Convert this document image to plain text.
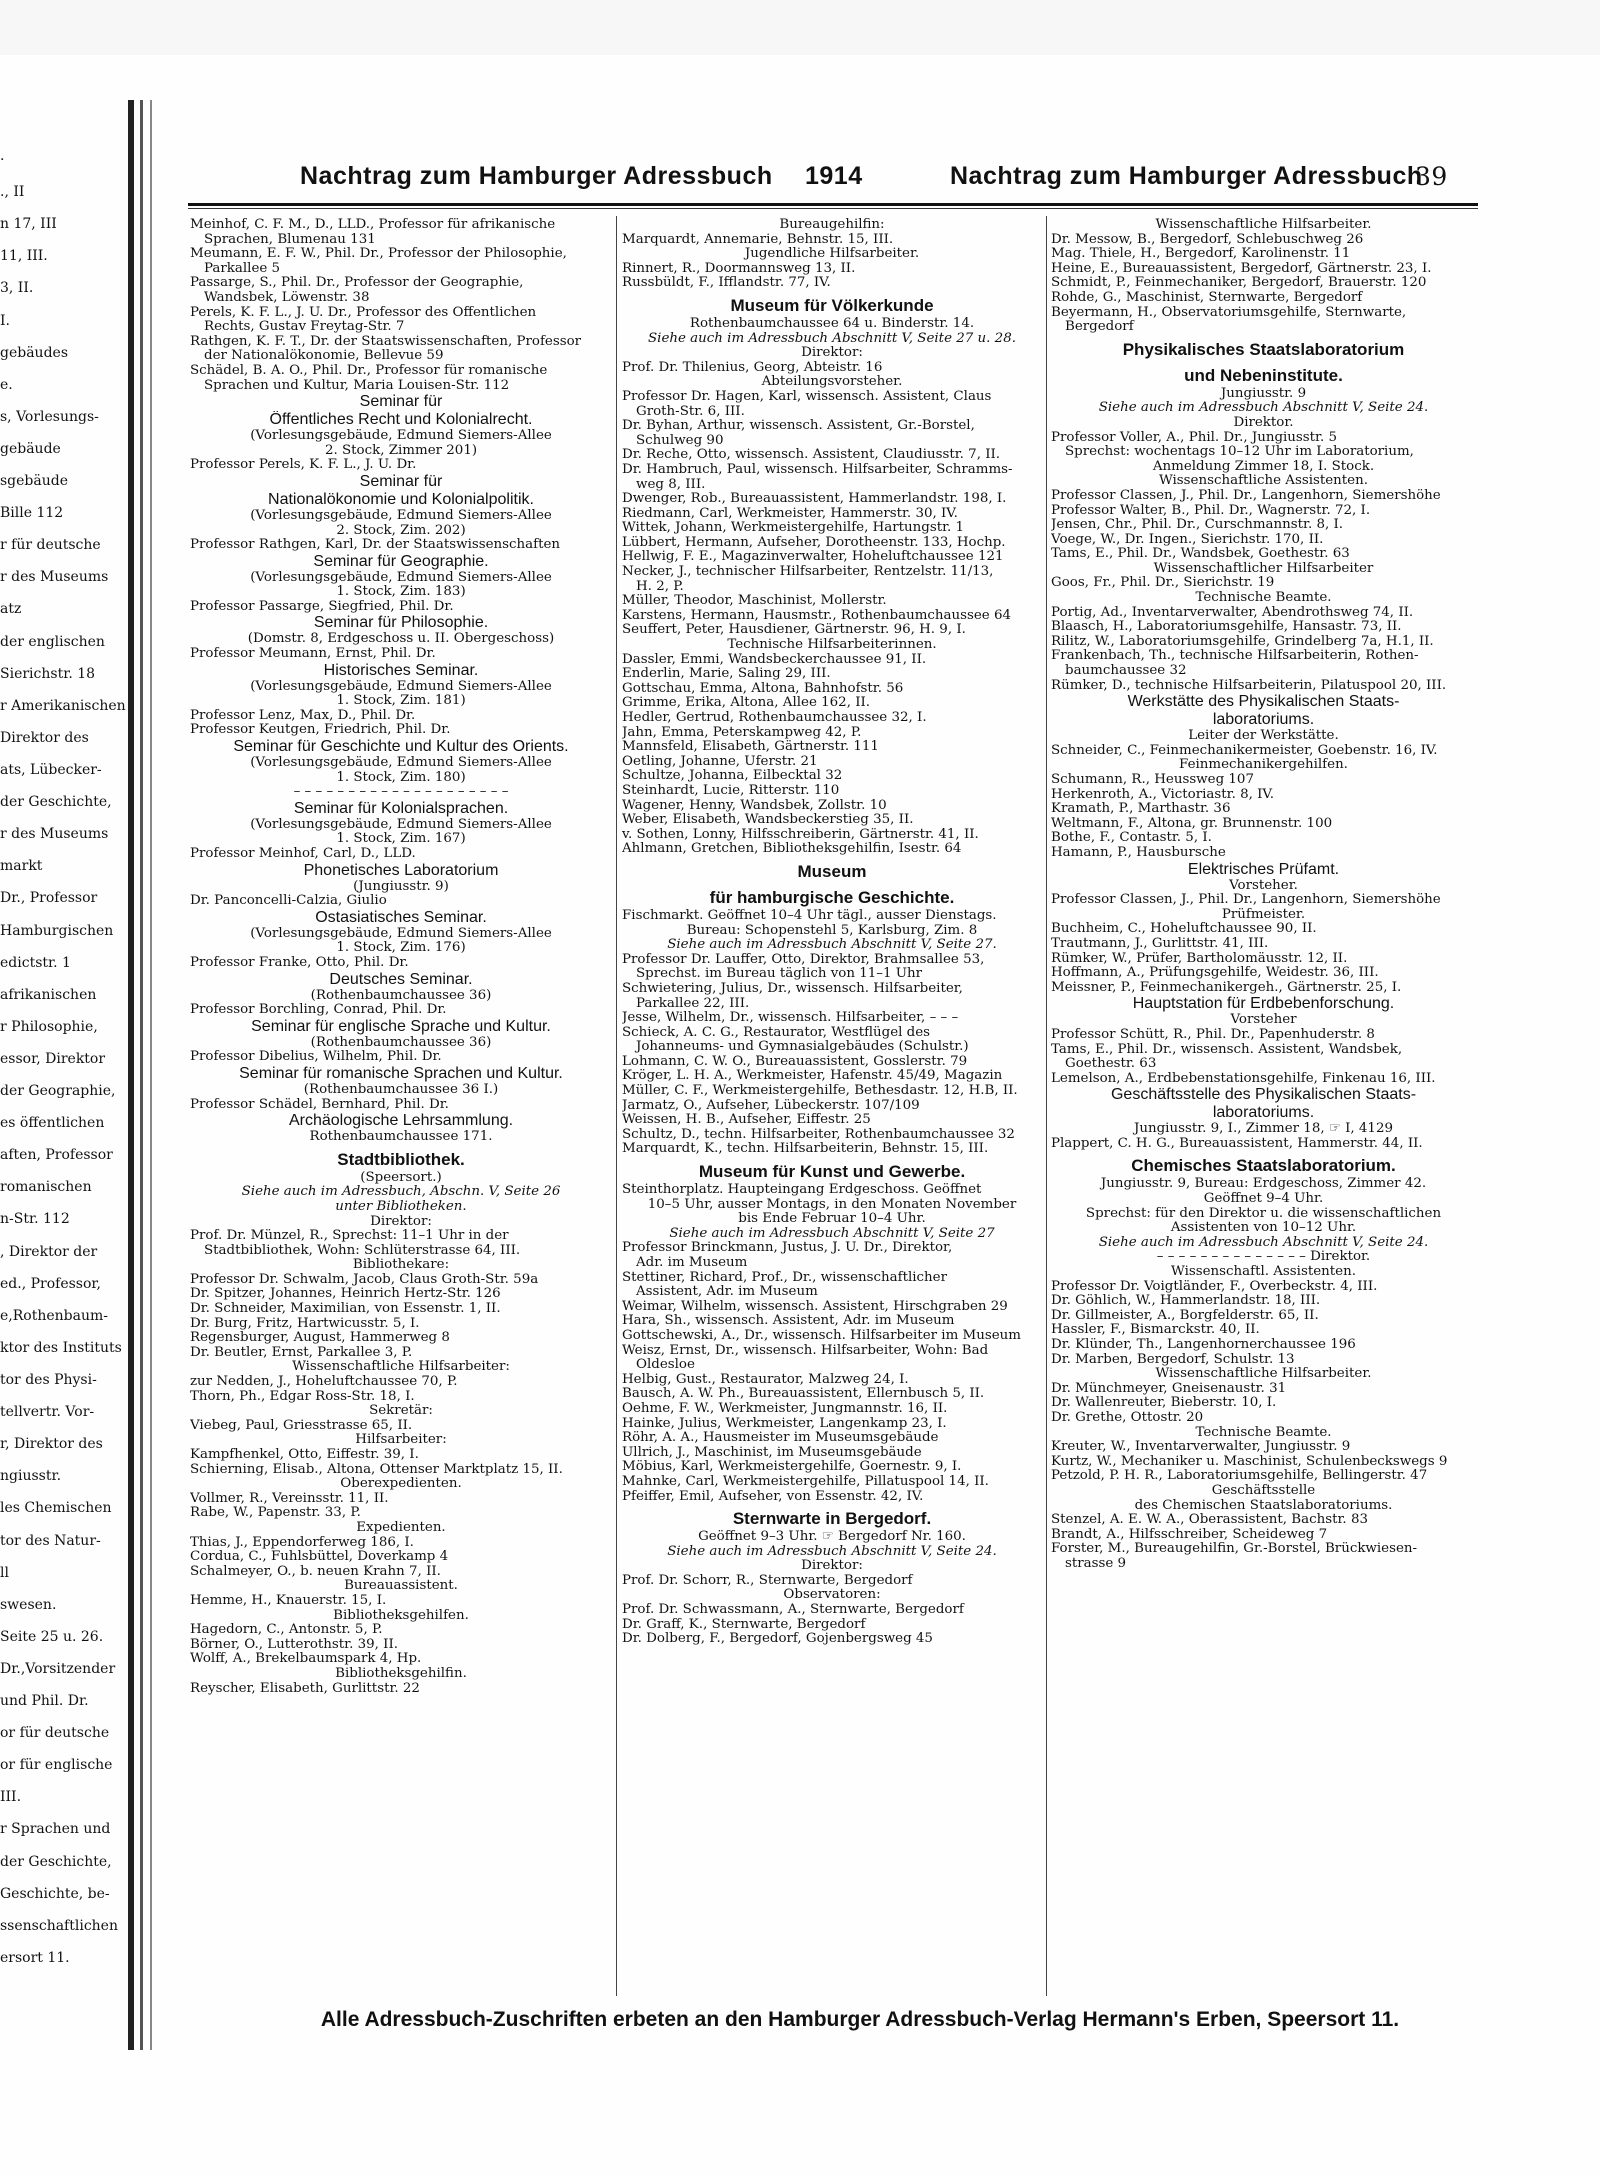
·
., II
n 17, III
11, III.
3, II.
I.
gebäudes
e.
s, Vorlesungs-
gebäude
sgebäude
Bille 112
r für deutsche
r des Museums
atz
der englischen
Sierichstr. 18
r Amerikanischen
Direktor des
ats, Lübecker-
der Geschichte,
r des Museums
markt
Dr., Professor
Hamburgischen
edictstr. 1
afrikanischen
r Philosophie,
essor, Direktor
der Geographie,
es öffentlichen
aften, Professor
romanischen
n-Str. 112
, Direktor der
ed., Professor,
e,Rothenbaum-
ktor des Instituts
tor des Physi-
tellvertr. Vor-
r, Direktor des
ngiusstr.
les Chemischen
tor des Natur-
ll
swesen.
Seite 25 u. 26.
Dr.,Vorsitzender
und Phil. Dr.
or für deutsche
or für englische
III.
r Sprachen und
der Geschichte,
Geschichte, be-
ssenschaftlichen
ersort 11.
Nachtrag zum Hamburger Adressbuch 1914	Nachtrag zum Hamburger Adressbuch
39
Meinhof, C. F. M., D., LLD., Professor für afrikanische
Sprachen, Blumenau 131
Meumann, E. F. W., Phil. Dr., Professor der Philosophie,
Parkallee 5
Passarge, S., Phil. Dr., Professor der Geographie,
Wandsbek, Löwenstr. 38
Perels, K. F. L., J. U. Dr., Professor des Öffentlichen
Rechts, Gustav Freytag-Str. 7
Rathgen, K. F. T., Dr. der Staatswissenschaften, Professor
der Nationalökonomie, Bellevue 59
Schädel, B. A. O., Phil. Dr., Professor für romanische
Sprachen und Kultur, Maria Louisen-Str. 112
Seminar für
Öffentliches Recht und Kolonialrecht.
(Vorlesungsgebäude, Edmund Siemers-Allee
2. Stock, Zimmer 201)
Professor Perels, K. F. L., J. U. Dr.
Seminar für
Nationalökonomie und Kolonialpolitik.
(Vorlesungsgebäude, Edmund Siemers-Allee
2. Stock, Zim. 202)
Professor Rathgen, Karl, Dr. der Staatswissenschaften
Seminar für Geographie.
(Vorlesungsgebäude, Edmund Siemers-Allee
1. Stock, Zim. 183)
Professor Passarge, Siegfried, Phil. Dr.
Seminar für Philosophie.
(Domstr. 8, Erdgeschoss u. II. Obergeschoss)
Professor Meumann, Ernst, Phil. Dr.
Historisches Seminar.
(Vorlesungsgebäude, Edmund Siemers-Allee
1. Stock, Zim. 181)
Professor Lenz, Max, D., Phil. Dr.
Professor Keutgen, Friedrich, Phil. Dr.
Seminar für Geschichte und Kultur des Orients.
(Vorlesungsgebäude, Edmund Siemers-Allee
1. Stock, Zim. 180)
– – – – – – – – – – – – – – – – – – – –
Seminar für Kolonialsprachen.
(Vorlesungsgebäude, Edmund Siemers-Allee
1. Stock, Zim. 167)
Professor Meinhof, Carl, D., LLD.
Phonetisches Laboratorium
(Jungiusstr. 9)
Dr. Panconcelli-Calzia, Giulio
Ostasiatisches Seminar.
(Vorlesungsgebäude, Edmund Siemers-Allee
1. Stock, Zim. 176)
Professor Franke, Otto, Phil. Dr.
Deutsches Seminar.
(Rothenbaumchaussee 36)
Professor Borchling, Conrad, Phil. Dr.
Seminar für englische Sprache und Kultur.
(Rothenbaumchaussee 36)
Professor Dibelius, Wilhelm, Phil. Dr.
Seminar für romanische Sprachen und Kultur.
(Rothenbaumchaussee 36 I.)
Professor Schädel, Bernhard, Phil. Dr.
Archäologische Lehrsammlung.
Rothenbaumchaussee 171.
Stadtbibliothek.
(Speersort.)
Siehe auch im Adressbuch, Abschn. V, Seite 26
unter Bibliotheken.
Direktor:
Prof. Dr. Münzel, R., Sprechst: 11–1 Uhr in der
Stadtbibliothek, Wohn: Schlüterstrasse 64, III.
Bibliothekare:
Professor Dr. Schwalm, Jacob, Claus Groth-Str. 59a
Dr. Spitzer, Johannes, Heinrich Hertz-Str. 126
Dr. Schneider, Maximilian, von Essenstr. 1, II.
Dr. Burg, Fritz, Hartwicusstr. 5, I.
Regensburger, August, Hammerweg 8
Dr. Beutler, Ernst, Parkallee 3, P.
Wissenschaftliche Hilfsarbeiter:
zur Nedden, J., Hoheluftchaussee 70, P.
Thorn, Ph., Edgar Ross-Str. 18, I.
Sekretär:
Viebeg, Paul, Griesstrasse 65, II.
Hilfsarbeiter:
Kampfhenkel, Otto, Eiffestr. 39, I.
Schierning, Elisab., Altona, Ottenser Marktplatz 15, II.
Oberexpedienten.
Vollmer, R., Vereinsstr. 11, II.
Rabe, W., Papenstr. 33, P.
Expedienten.
Thias, J., Eppendorferweg 186, I.
Cordua, C., Fuhlsbüttel, Doverkamp 4
Schalmeyer, O., b. neuen Krahn 7, II.
Bureauassistent.
Hemme, H., Knauerstr. 15, I.
Bibliotheksgehilfen.
Hagedorn, C., Antonstr. 5, P.
Börner, O., Lutterothstr. 39, II.
Wolff, A., Brekelbaumspark 4, Hp.
Bibliotheksgehilfin.
Reyscher, Elisabeth, Gurlittstr. 22
Bureaugehilfin:
Marquardt, Annemarie, Behnstr. 15, III.
Jugendliche Hilfsarbeiter.
Rinnert, R., Doormannsweg 13, II.
Russbüldt, F., Ifflandstr. 77, IV.
Museum für Völkerkunde
Rothenbaumchaussee 64 u. Binderstr. 14.
Siehe auch im Adressbuch Abschnitt V, Seite 27 u. 28.
Direktor:
Prof. Dr. Thilenius, Georg, Abteistr. 16
Abteilungsvorsteher.
Professor Dr. Hagen, Karl, wissensch. Assistent, Claus
Groth-Str. 6, III.
Dr. Byhan, Arthur, wissensch. Assistent, Gr.-Borstel,
Schulweg 90
Dr. Reche, Otto, wissensch. Assistent, Claudiusstr. 7, II.
Dr. Hambruch, Paul, wissensch. Hilfsarbeiter, Schramms-
weg 8, III.
Dwenger, Rob., Bureauassistent, Hammerlandstr. 198, I.
Riedmann, Carl, Werkmeister, Hammerstr. 30, IV.
Wittek, Johann, Werkmeistergehilfe, Hartungstr. 1
Lübbert, Hermann, Aufseher, Dorotheenstr. 133, Hochp.
Hellwig, F. E., Magazinverwalter, Hoheluftchaussee 121
Necker, J., technischer Hilfsarbeiter, Rentzelstr. 11/13,
H. 2, P.
Müller, Theodor, Maschinist, Mollerstr.
Karstens, Hermann, Hausmstr., Rothenbaumchaussee 64
Seuffert, Peter, Hausdiener, Gärtnerstr. 96, H. 9, I.
Technische Hilfsarbeiterinnen.
Dassler, Emmi, Wandsbeckerchaussee 91, II.
Enderlin, Marie, Saling 29, III.
Gottschau, Emma, Altona, Bahnhofstr. 56
Grimme, Erika, Altona, Allee 162, II.
Hedler, Gertrud, Rothenbaumchaussee 32, I.
Jahn, Emma, Peterskampweg 42, P.
Mannsfeld, Elisabeth, Gärtnerstr. 111
Oetling, Johanne, Uferstr. 21
Schultze, Johanna, Eilbecktal 32
Steinhardt, Lucie, Ritterstr. 110
Wagener, Henny, Wandsbek, Zollstr. 10
Weber, Elisabeth, Wandsbeckerstieg 35, II.
v. Sothen, Lonny, Hilfsschreiberin, Gärtnerstr. 41, II.
Ahlmann, Gretchen, Bibliotheksgehilfin, Isestr. 64
Museum
für hamburgische Geschichte.
Fischmarkt. Geöffnet 10–4 Uhr tägl., ausser Dienstags.
Bureau: Schopenstehl 5, Karlsburg, Zim. 8
Siehe auch im Adressbuch Abschnitt V, Seite 27.
Professor Dr. Lauffer, Otto, Direktor, Brahmsallee 53,
Sprechst. im Bureau täglich von 11–1 Uhr
Schwietering, Julius, Dr., wissensch. Hilfsarbeiter,
Parkallee 22, III.
Jesse, Wilhelm, Dr., wissensch. Hilfsarbeiter, – – –
Schieck, A. C. G., Restaurator, Westflügel des
Johanneums- und Gymnasialgebäudes (Schulstr.)
Lohmann, C. W. O., Bureauassistent, Gosslerstr. 79
Kröger, L. H. A., Werkmeister, Hafenstr. 45/49, Magazin
Müller, C. F., Werkmeistergehilfe, Bethesdastr. 12, H.B, II.
Jarmatz, O., Aufseher, Lübeckerstr. 107/109
Weissen, H. B., Aufseher, Eiffestr. 25
Schultz, D., techn. Hilfsarbeiter, Rothenbaumchaussee 32
Marquardt, K., techn. Hilfsarbeiterin, Behnstr. 15, III.
Museum für Kunst und Gewerbe.
Steinthorplatz. Haupteingang Erdgeschoss. Geöffnet
10–5 Uhr, ausser Montags, in den Monaten November
bis Ende Februar 10–4 Uhr.
Siehe auch im Adressbuch Abschnitt V, Seite 27
Professor Brinckmann, Justus, J. U. Dr., Direktor,
Adr. im Museum
Stettiner, Richard, Prof., Dr., wissenschaftlicher
Assistent, Adr. im Museum
Weimar, Wilhelm, wissensch. Assistent, Hirschgraben 29
Hara, Sh., wissensch. Assistent, Adr. im Museum
Gottschewski, A., Dr., wissensch. Hilfsarbeiter im Museum
Weisz, Ernst, Dr., wissensch. Hilfsarbeiter, Wohn: Bad
Oldesloe
Helbig, Gust., Restaurator, Malzweg 24, I.
Bausch, A. W. Ph., Bureauassistent, Ellernbusch 5, II.
Oehme, F. W., Werkmeister, Jungmannstr. 16, II.
Hainke, Julius, Werkmeister, Langenkamp 23, I.
Röhr, A. A., Hausmeister im Museumsgebäude
Ullrich, J., Maschinist, im Museumsgebäude
Möbius, Karl, Werkmeistergehilfe, Goernestr. 9, I.
Mahnke, Carl, Werkmeistergehilfe, Pillatuspool 14, II.
Pfeiffer, Emil, Aufseher, von Essenstr. 42, IV.
Sternwarte in Bergedorf.
Geöffnet 9–3 Uhr. ☞ Bergedorf Nr. 160.
Siehe auch im Adressbuch Abschnitt V, Seite 24.
Direktor:
Prof. Dr. Schorr, R., Sternwarte, Bergedorf
Observatoren:
Prof. Dr. Schwassmann, A., Sternwarte, Bergedorf
Dr. Graff, K., Sternwarte, Bergedorf
Dr. Dolberg, F., Bergedorf, Gojenbergsweg 45
Wissenschaftliche Hilfsarbeiter.
Dr. Messow, B., Bergedorf, Schlebuschweg 26
Mag. Thiele, H., Bergedorf, Karolinenstr. 11
Heine, E., Bureauassistent, Bergedorf, Gärtnerstr. 23, I.
Schmidt, P., Feinmechaniker, Bergedorf, Brauerstr. 120
Rohde, G., Maschinist, Sternwarte, Bergedorf
Beyermann, H., Observatoriumsgehilfe, Sternwarte,
Bergedorf
Physikalisches Staatslaboratorium
und Nebeninstitute.
Jungiusstr. 9
Siehe auch im Adressbuch Abschnitt V, Seite 24.
Direktor.
Professor Voller, A., Phil. Dr., Jungiusstr. 5
Sprechst: wochentags 10–12 Uhr im Laboratorium,
Anmeldung Zimmer 18, I. Stock.
Wissenschaftliche Assistenten.
Professor Classen, J., Phil. Dr., Langenhorn, Siemershöhe
Professor Walter, B., Phil. Dr., Wagnerstr. 72, I.
Jensen, Chr., Phil. Dr., Curschmannstr. 8, I.
Voege, W., Dr. Ingen., Sierichstr. 170, II.
Tams, E., Phil. Dr., Wandsbek, Goethestr. 63
Wissenschaftlicher Hilfsarbeiter
Goos, Fr., Phil. Dr., Sierichstr. 19
Technische Beamte.
Portig, Ad., Inventarverwalter, Abendrothsweg 74, II.
Blaasch, H., Laboratoriumsgehilfe, Hansastr. 73, II.
Rilitz, W., Laboratoriumsgehilfe, Grindelberg 7a, H.1, II.
Frankenbach, Th., technische Hilfsarbeiterin, Rothen-
baumchaussee 32
Rümker, D., technische Hilfsarbeiterin, Pilatuspool 20, III.
Werkstätte des Physikalischen Staats-
laboratoriums.
Leiter der Werkstätte.
Schneider, C., Feinmechanikermeister, Goebenstr. 16, IV.
Feinmechanikergehilfen.
Schumann, R., Heussweg 107
Herkenroth, A., Victoriastr. 8, IV.
Kramath, P., Marthastr. 36
Weltmann, F., Altona, gr. Brunnenstr. 100
Bothe, F., Contastr. 5, I.
Hamann, P., Hausburschе
Elektrisches Prüfamt.
Vorsteher.
Professor Classen, J., Phil. Dr., Langenhorn, Siemershöhe
Prüfmeister.
Buchheim, C., Hoheluftchaussee 90, II.
Trautmann, J., Gurlittstr. 41, III.
Rümker, W., Prüfer, Bartholomäusstr. 12, II.
Hoffmann, A., Prüfungsgehilfe, Weidestr. 36, III.
Meissner, P., Feinmechanikergeh., Gärtnerstr. 25, I.
Hauptstation für Erdbebenforschung.
Vorsteher
Professor Schütt, R., Phil. Dr., Papenhuderstr. 8
Tams, E., Phil. Dr., wissensch. Assistent, Wandsbek,
Goethestr. 63
Lemelson, A., Erdbebenstationsgehilfe, Finkenau 16, III.
Geschäftsstelle des Physikalischen Staats-
laboratoriums.
Jungiusstr. 9, I., Zimmer 18, ☞ I, 4129
Plappert, C. H. G., Bureauassistent, Hammerstr. 44, II.
Chemisches Staatslaboratorium.
Jungiusstr. 9, Bureau: Erdgeschoss, Zimmer 42.
Geöffnet 9–4 Uhr.
Sprechst: für den Direktor u. die wissenschaftlichen
Assistenten von 10–12 Uhr.
Siehe auch im Adressbuch Abschnitt V, Seite 24.
– – – – – – – – – – – – – – Direktor.
Wissenschaftl. Assistenten.
Professor Dr. Voigtländer, F., Overbeckstr. 4, III.
Dr. Göhlich, W., Hammerlandstr. 18, III.
Dr. Gillmeister, A., Borgfelderstr. 65, II.
Hassler, F., Bismarckstr. 40, II.
Dr. Klünder, Th., Langenhornerchaussee 196
Dr. Marben, Bergedorf, Schulstr. 13
Wissenschaftliche Hilfsarbeiter.
Dr. Münchmeyer, Gneisenaustr. 31
Dr. Wallenreuter, Bieberstr. 10, I.
Dr. Grethe, Ottostr. 20
Technische Beamte.
Kreuter, W., Inventarverwalter, Jungiusstr. 9
Kurtz, W., Mechaniker u. Maschinist, Schulenbeckswegs 9
Petzold, P. H. R., Laboratoriumsgehilfe, Bellingerstr. 47
Geschäftsstelle
des Chemischen Staatslaboratoriums.
Stenzel, A. E. W. A., Oberassistent, Bachstr. 83
Brandt, A., Hilfsschreiber, Scheideweg 7
Forster, M., Bureaugehilfin, Gr.-Borstel, Brückwiesen-
strasse 9
Alle Adressbuch-Zuschriften erbeten an den Hamburger Adressbuch-Verlag Hermann's Erben, Speersort 11.
